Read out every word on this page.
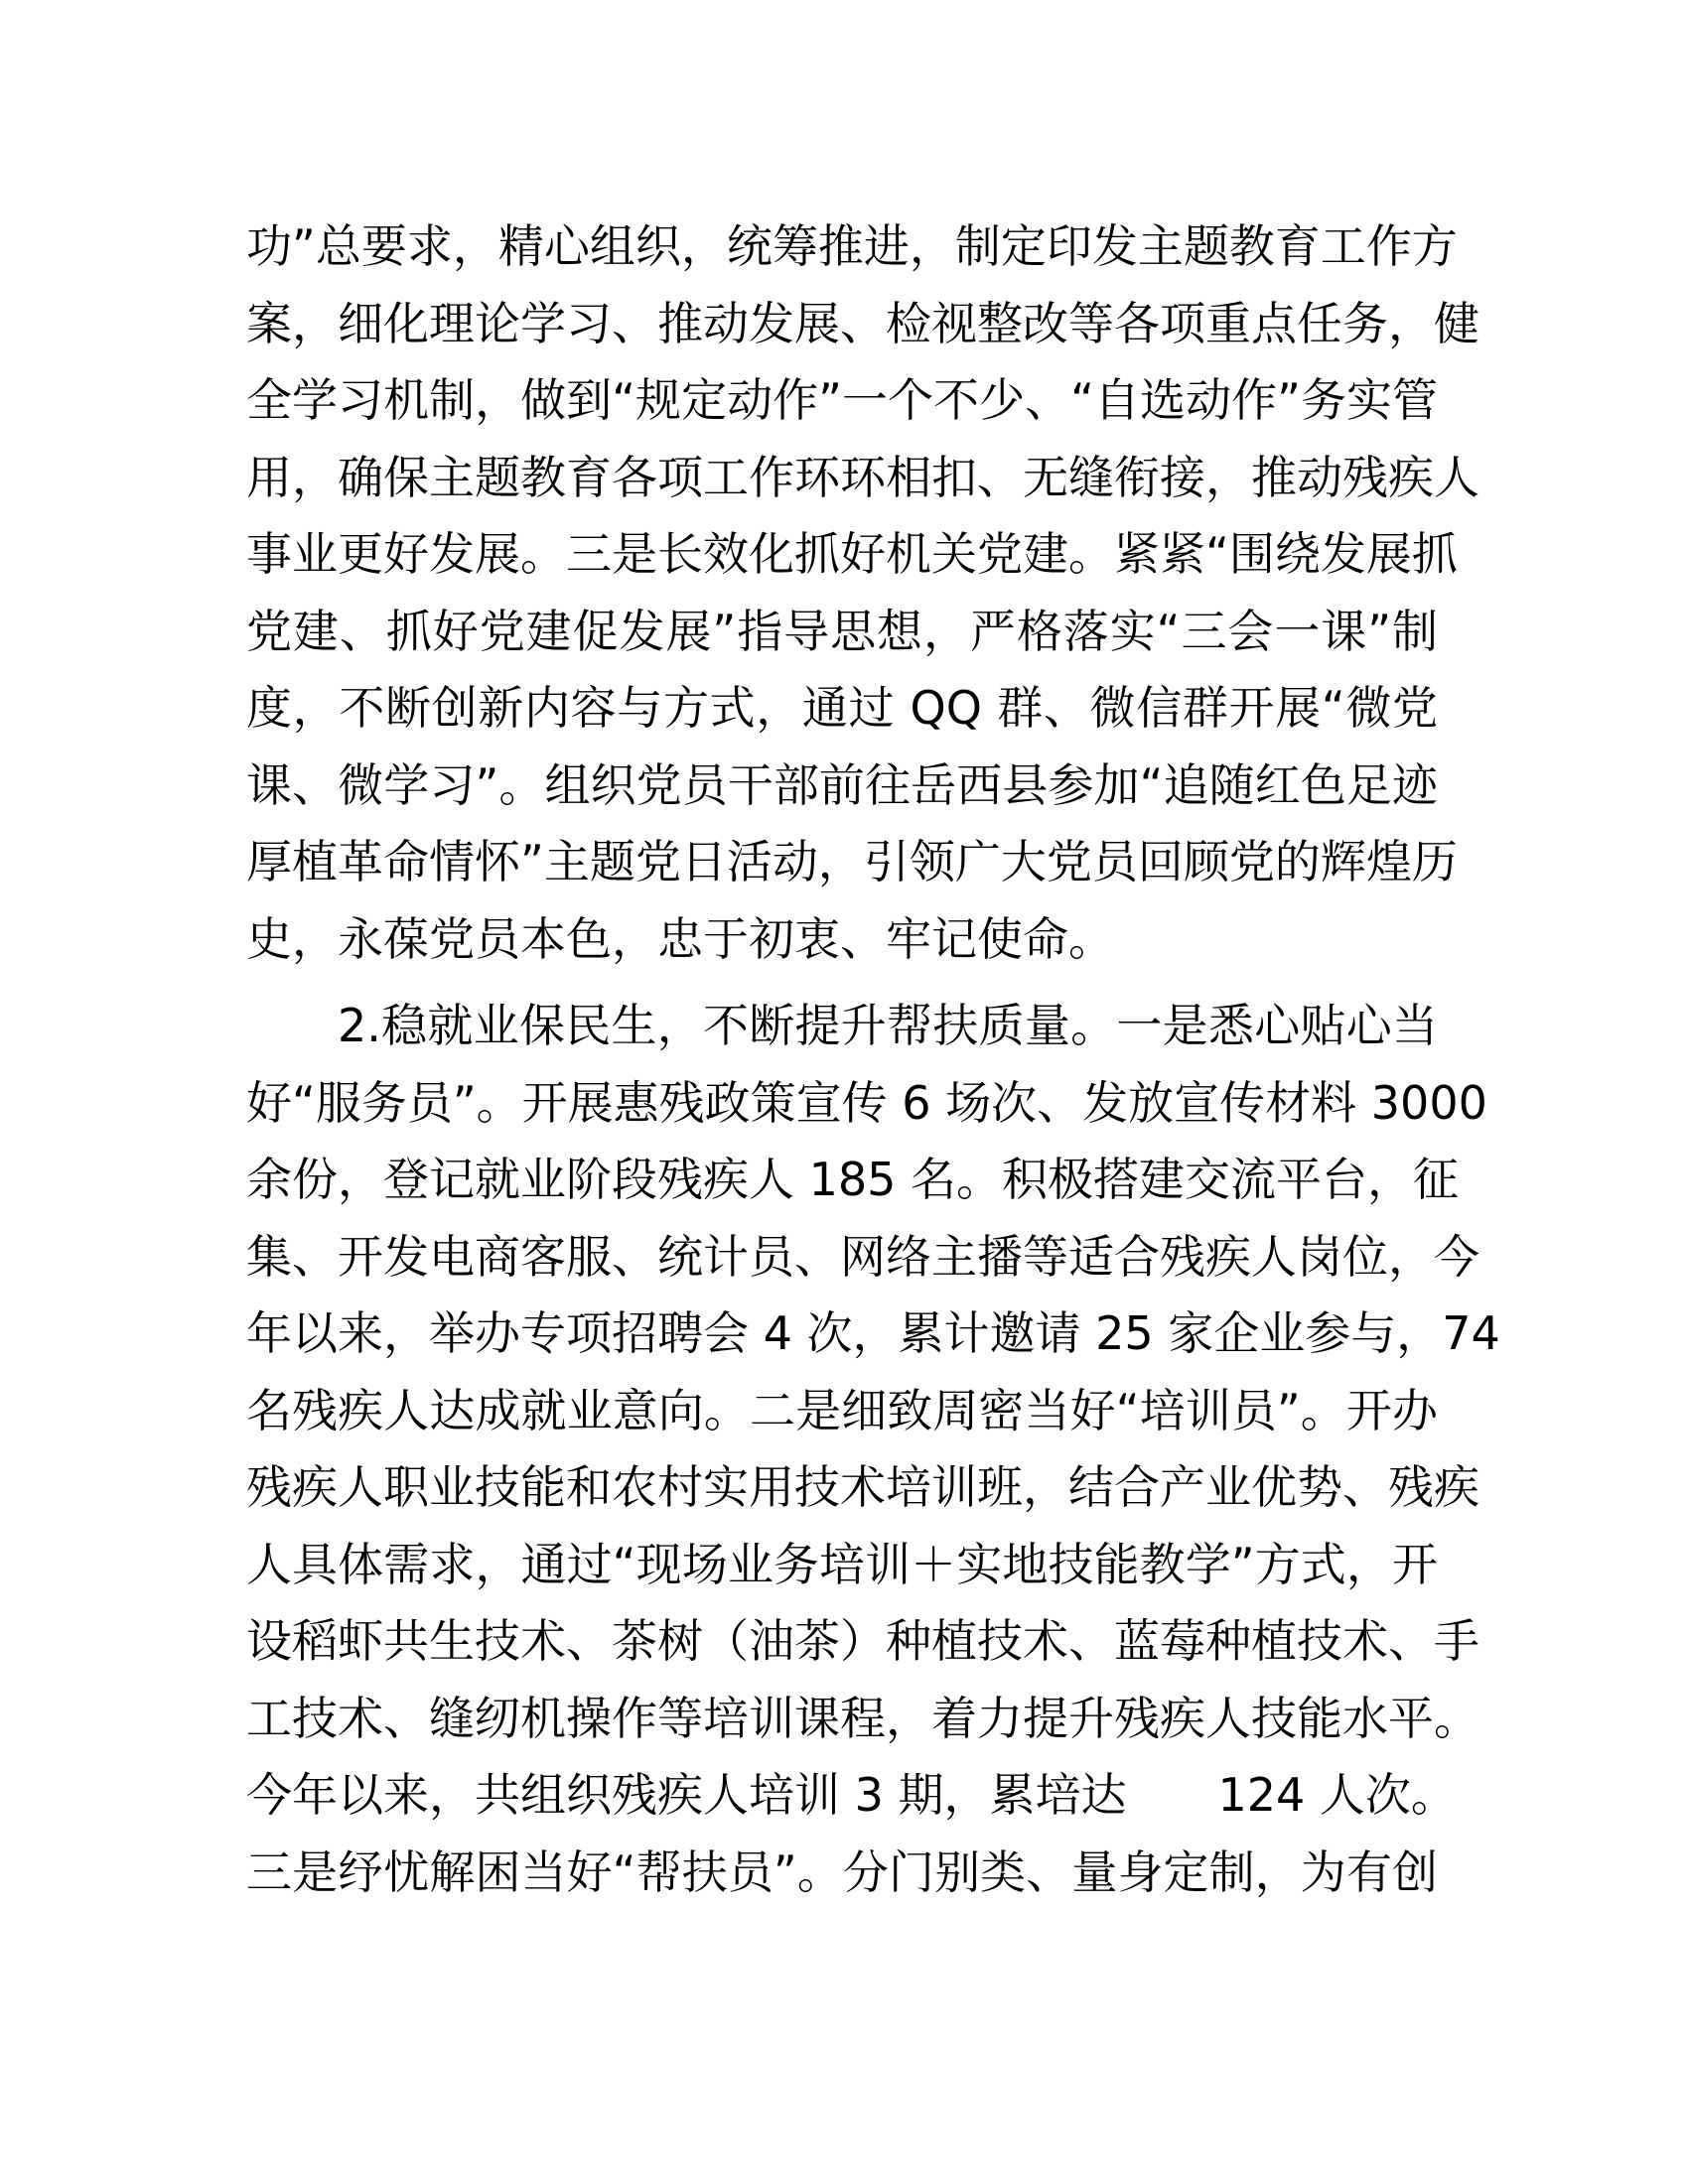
功”总要求，精心组织，统筹推进，制定印发主题教育工作方
案，细化理论学习、推动发展、检视整改等各项重点任务，健
全学习机制，做到“规定动作”一个不少、“自选动作”务实管
用，确保主题教育各项工作环环相扣、无缝衔接，推动残疾人
事业更好发展。三是长效化抓好机关党建。紧紧“围绕发展抓
党建、抓好党建促发展”指导思想，严格落实“三会一课”制
度，不断创新内容与方式，通过 QQ 群、微信群开展“微党
课、微学习”。组织党员干部前往岳西县参加“追随红色足迹
厚植革命情怀”主题党日活动，引领广大党员回顾党的辉煌历
史，永葆党员本色，忠于初衷、牢记使命。
2.稳就业保民生，不断提升帮扶质量。一是悉心贴心当
好“服务员”。开展惠残政策宣传 6 场次、发放宣传材料 3000
余份，登记就业阶段残疾人 185 名。积极搭建交流平台，征
集、开发电商客服、统计员、网络主播等适合残疾人岗位，今
年以来，举办专项招聘会 4 次，累计邀请 25 家企业参与，74
名残疾人达成就业意向。二是细致周密当好“培训员”。开办
残疾人职业技能和农村实用技术培训班，结合产业优势、残疾
人具体需求，通过“现场业务培训＋实地技能教学”方式，开
设稻虾共生技术、茶树（油茶）种植技术、蓝莓种植技术、手
工技术、缝纫机操作等培训课程，着力提升残疾人技能水平。
今年以来，共组织残疾人培训 3 期，累培达　　124 人次。
三是纾忧解困当好“帮扶员”。分门别类、量身定制，为有创
